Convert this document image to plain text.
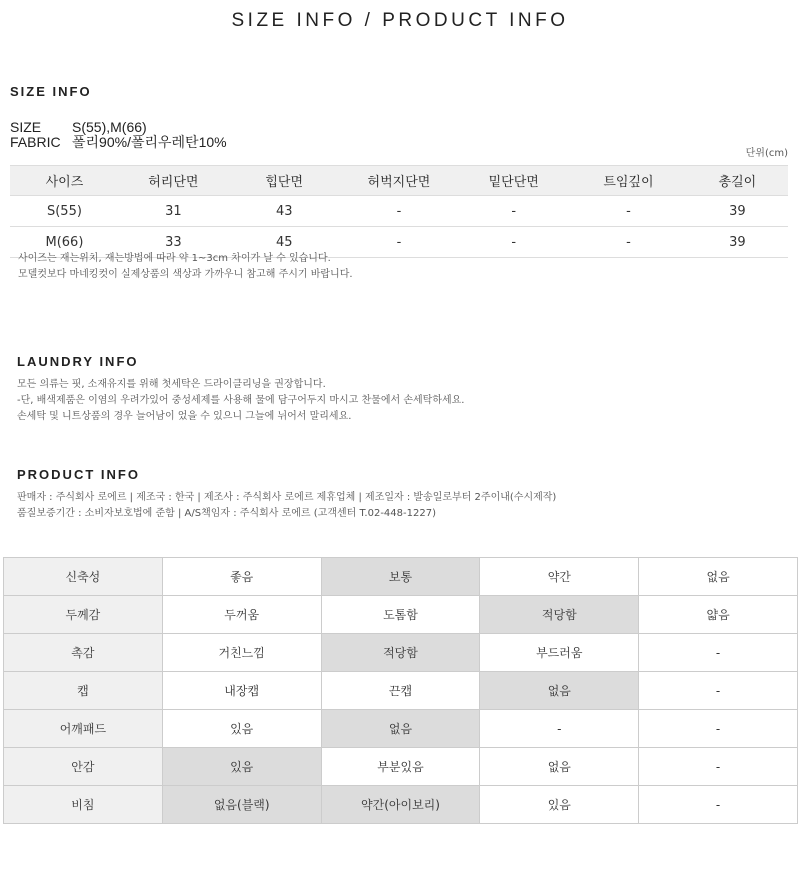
SIZE INFO / PRODUCT INFO
SIZE INFO
SIZE S(55),M(66)
FABRIC 폴리90%/폴리우레탄10%
단위(cm)
사이즈	허리단면	힙단면	허벅지단면	밑단단면	트임깊이	총길이
S(55)	31	43	-	-	-	39
M(66)	33	45	-	-	-	39
사이즈는 재는위치, 재는방법에 따라 약 1~3cm 차이가 날 수 있습니다.
모델컷보다 마네킹컷이 실제상품의 색상과 가까우니 참고해 주시기 바랍니다.
LAUNDRY INFO
모든 의류는 핏, 소재유지를 위해 첫세탁은 드라이클리닝을 권장합니다.
-단, 배색제품은 이염의 우려가있어 중성세제를 사용해 물에 담구어두지 마시고 찬물에서 손세탁하세요.
손세탁 및 니트상품의 경우 늘어남이 었을 수 있으니 그늘에 뉘어서 말리세요.
PRODUCT INFO
판매자 : 주식회사 로에르 | 제조국 : 한국 | 제조사 : 주식회사 로에르 제휴업체 | 제조일자 : 발송일로부터 2주이내(수시제작)
품질보증기간 : 소비자보호법에 준함 | A/S책임자 : 주식회사 로에르 (고객센터 T.02-448-1227)
신축성	좋음	보통	약간	없음
두께감	두꺼움	도톰함	적당함	얇음
촉감	거친느낌	적당함	부드러움	-
캡	내장캡	끈캡	없음	-
어깨패드	있음	없음	-	-
안감	있음	부분있음	없음	-
비침	없음(블랙)	약간(아이보리)	있음	-
